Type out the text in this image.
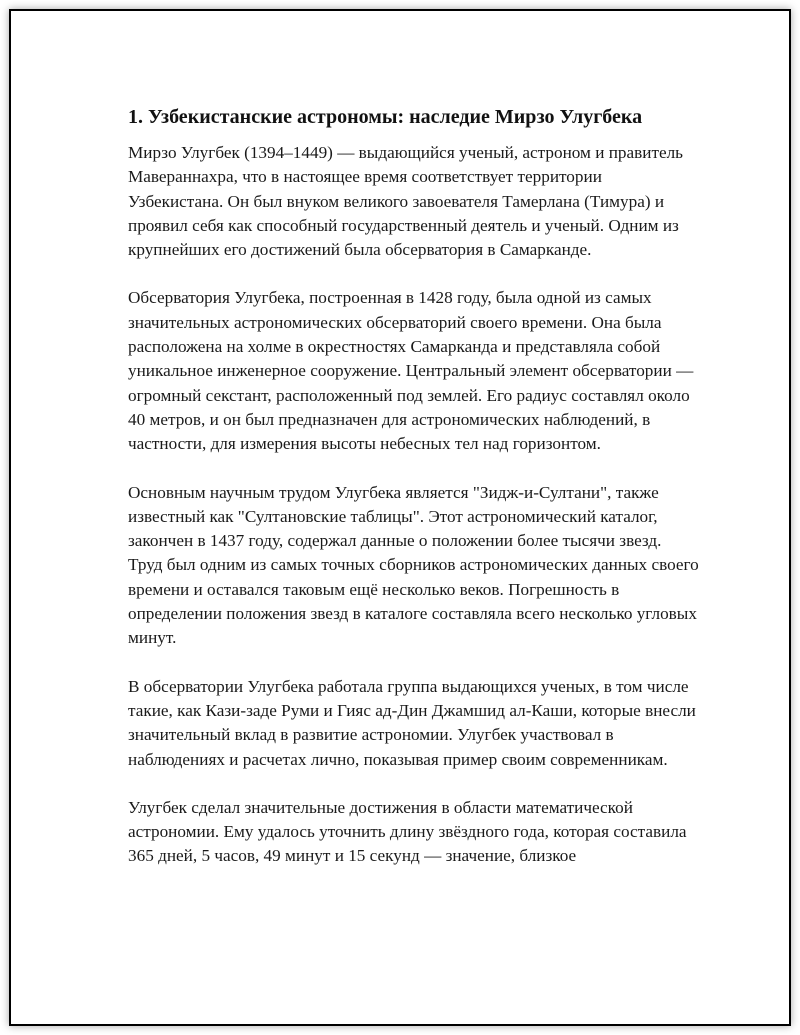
1. Узбекистанские астрономы: наследие Мирзо Улугбека

Мирзо Улугбек (1394–1449) — выдающийся ученый, астроном и правитель Мавераннахра, что в настоящее время соответствует территории Узбекистана. Он был внуком великого завоевателя Тамерлана (Тимура) и проявил себя как способный государственный деятель и ученый. Одним из крупнейших его достижений была обсерватория в Самарканде.

Обсерватория Улугбека, построенная в 1428 году, была одной из самых значительных астрономических обсерваторий своего времени. Она была расположена на холме в окрестностях Самарканда и представляла собой уникальное инженерное сооружение. Центральный элемент обсерватории — огромный секстант, расположенный под землей. Его радиус составлял около 40 метров, и он был предназначен для астрономических наблюдений, в частности, для измерения высоты небесных тел над горизонтом.

Основным научным трудом Улугбека является "Зидж-и-Султани", также известный как "Султановские таблицы". Этот астрономический каталог, закончен в 1437 году, содержал данные о положении более тысячи звезд. Труд был одним из самых точных сборников астрономических данных своего времени и оставался таковым ещё несколько веков. Погрешность в определении положения звезд в каталоге составляла всего несколько угловых минут.

В обсерватории Улугбека работала группа выдающихся ученых, в том числе такие, как Кази-заде Руми и Гияс ад-Дин Джамшид ал-Каши, которые внесли значительный вклад в развитие астрономии. Улугбек участвовал в наблюдениях и расчетах лично, показывая пример своим современникам.

Улугбек сделал значительные достижения в области математической астрономии. Ему удалось уточнить длину звёздного года, которая составила 365 дней, 5 часов, 49 минут и 15 секунд — значение, близкое
